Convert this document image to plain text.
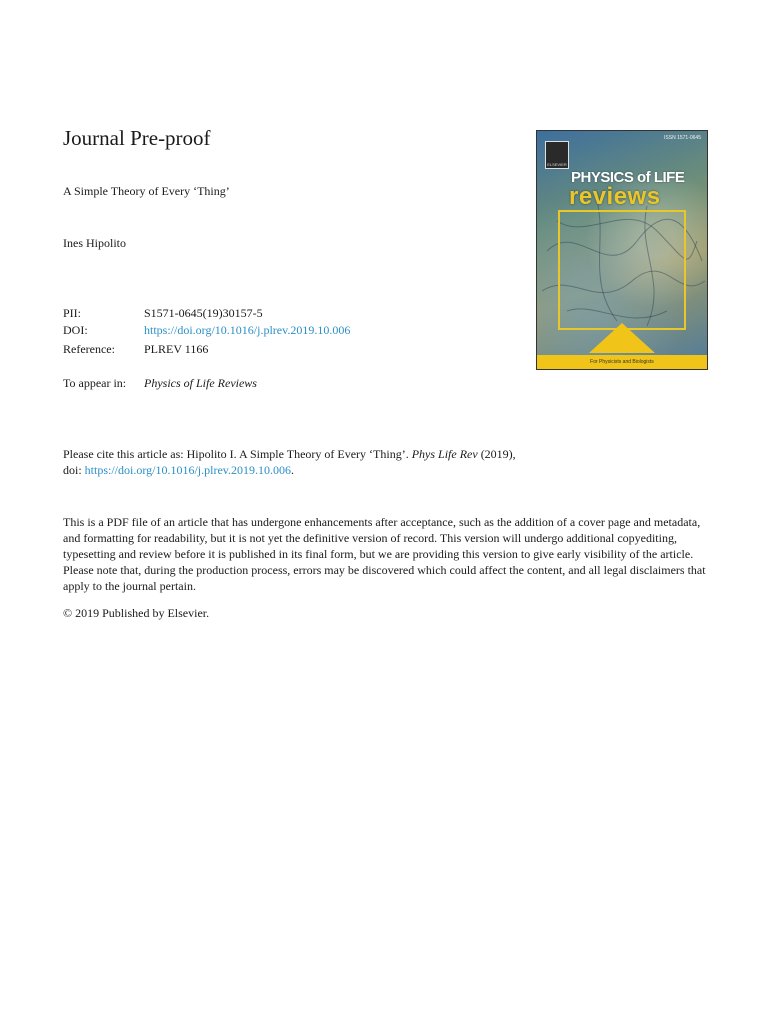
Journal Pre-proof
A Simple Theory of Every ‘Thing’
Ines Hipolito
PII:	S1571-0645(19)30157-5
DOI:	https://doi.org/10.1016/j.plrev.2019.10.006
Reference: PLREV 1166
To appear in: Physics of Life Reviews
Please cite this article as: Hipolito I. A Simple Theory of Every ‘Thing’. Phys Life Rev (2019),
doi: https://doi.org/10.1016/j.plrev.2019.10.006.
This is a PDF file of an article that has undergone enhancements after acceptance, such as the addition of a cover page and metadata, and formatting for readability, but it is not yet the definitive version of record. This version will undergo additional copyediting, typesetting and review before it is published in its final form, but we are providing this version to give early visibility of the article. Please note that, during the production process, errors may be discovered which could affect the content, and all legal disclaimers that apply to the journal pertain.
© 2019 Published by Elsevier.
ISSN 1571-0645
ELSEVIER
PHYSICS of LIFE
reviews
For Physicists and Biologists
